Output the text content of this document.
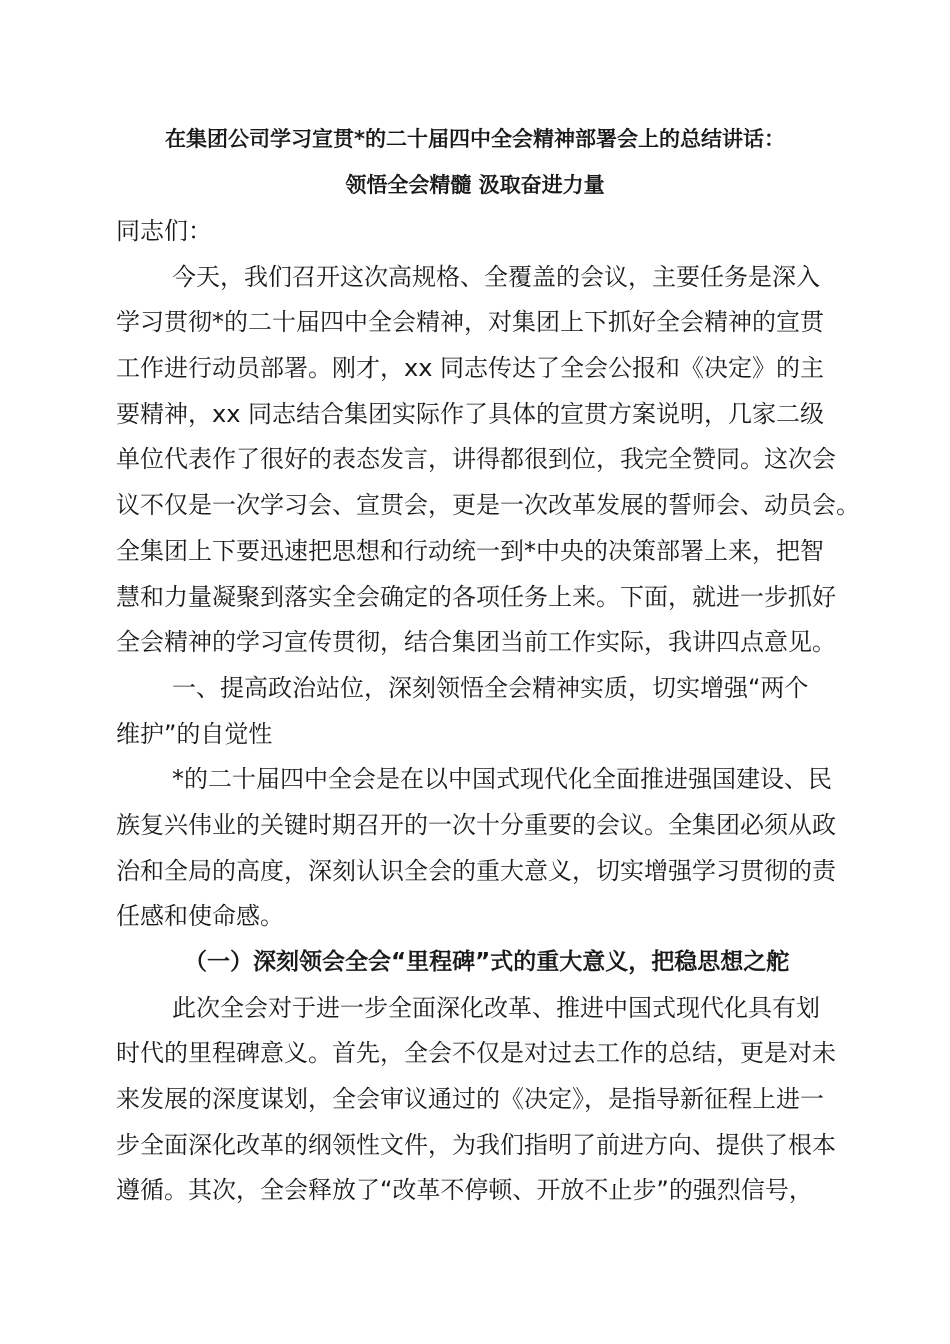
在集团公司学习宣贯*的二十届四中全会精神部署会上的总结讲话：
领悟全会精髓 汲取奋进力量
同志们：
今天，我们召开这次高规格、全覆盖的会议，主要任务是深入
学习贯彻*的二十届四中全会精神，对集团上下抓好全会精神的宣贯
工作进行动员部署。刚才，xx 同志传达了全会公报和《决定》的主
要精神，xx 同志结合集团实际作了具体的宣贯方案说明，几家二级
单位代表作了很好的表态发言，讲得都很到位，我完全赞同。这次会
议不仅是一次学习会、宣贯会，更是一次改革发展的誓师会、动员会。
全集团上下要迅速把思想和行动统一到*中央的决策部署上来，把智
慧和力量凝聚到落实全会确定的各项任务上来。下面，就进一步抓好
全会精神的学习宣传贯彻，结合集团当前工作实际，我讲四点意见。
一、提高政治站位，深刻领悟全会精神实质，切实增强“两个
维护”的自觉性
*的二十届四中全会是在以中国式现代化全面推进强国建设、民
族复兴伟业的关键时期召开的一次十分重要的会议。全集团必须从政
治和全局的高度，深刻认识全会的重大意义，切实增强学习贯彻的责
任感和使命感。
（一）深刻领会全会“里程碑”式的重大意义，把稳思想之舵
此次全会对于进一步全面深化改革、推进中国式现代化具有划
时代的里程碑意义。首先，全会不仅是对过去工作的总结，更是对未
来发展的深度谋划，全会审议通过的《决定》，是指导新征程上进一
步全面深化改革的纲领性文件，为我们指明了前进方向、提供了根本
遵循。其次，全会释放了“改革不停顿、开放不止步”的强烈信号，
